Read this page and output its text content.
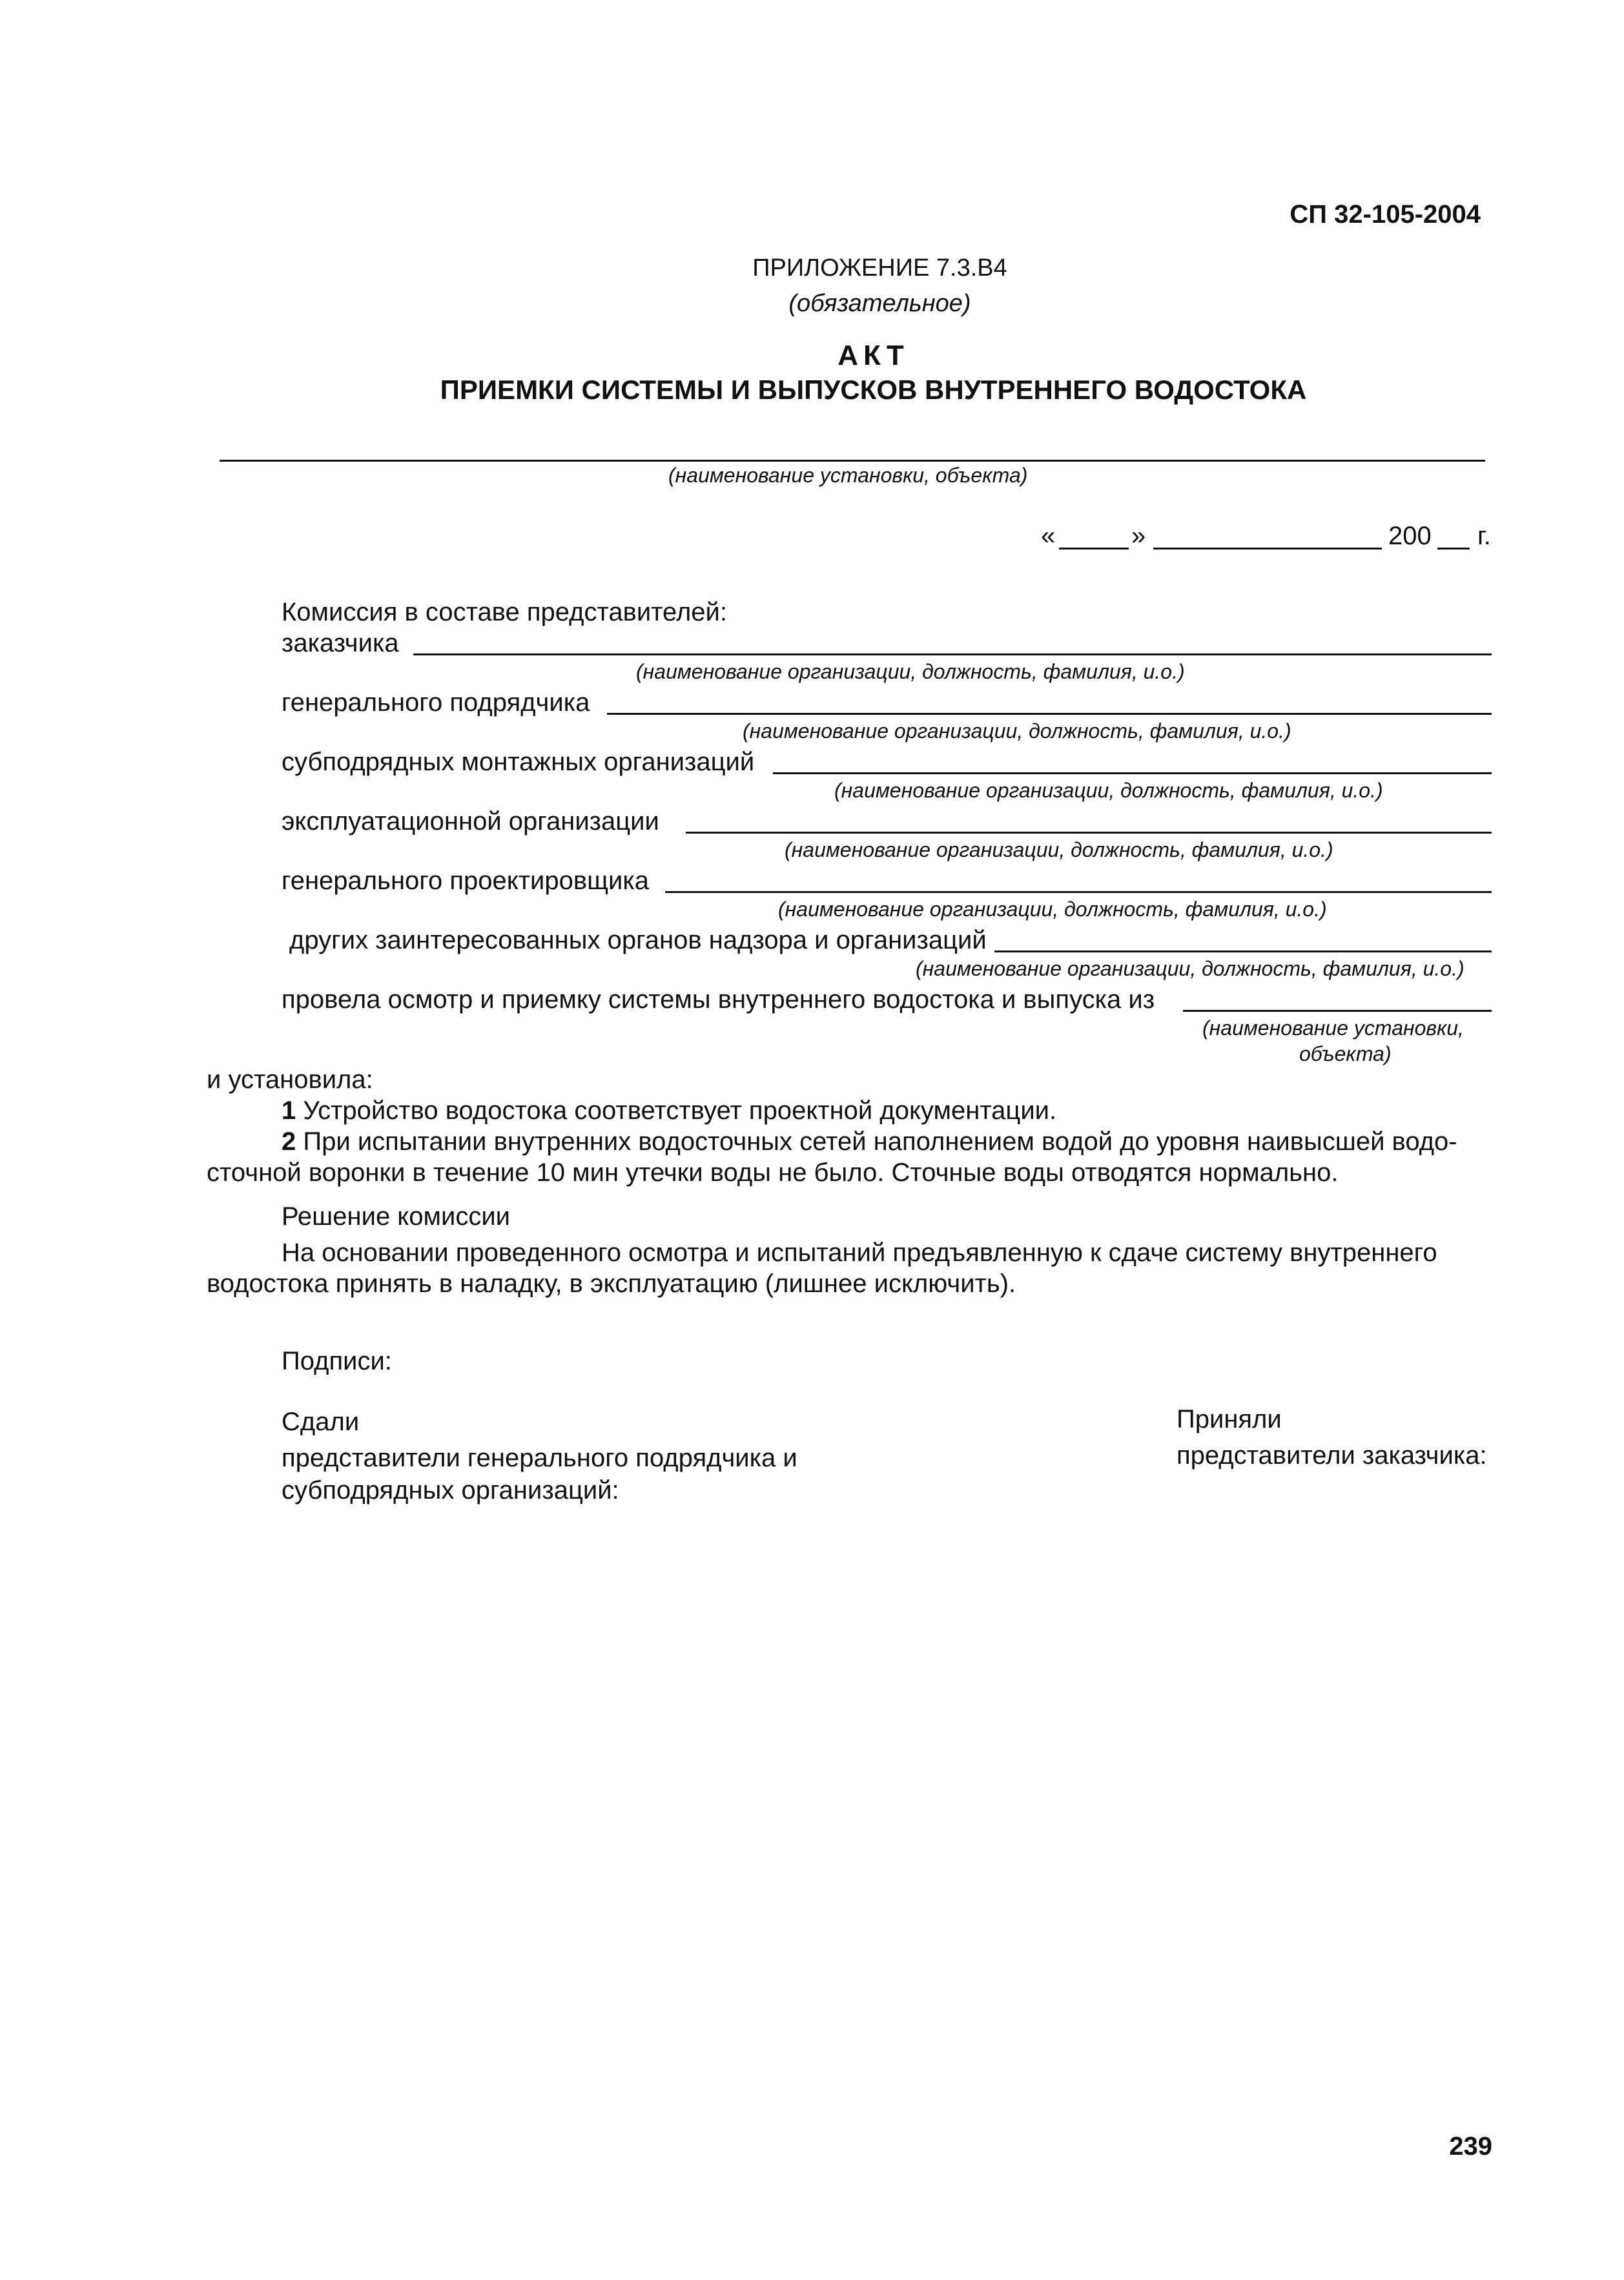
СП 32-105-2004
ПРИЛОЖЕНИЕ 7.3.В4
(обязательное)
АКТ
ПРИЕМКИ СИСТЕМЫ И ВЫПУСКОВ ВНУТРЕННЕГО ВОДОСТОКА
(наименование установки, объекта)
«	»	200 г.
Комиссия в составе представителей:
заказчика
(наименование организации, должность, фамилия, и.о.)
генерального подрядчика
(наименование организации, должность, фамилия, и.о.)
субподрядных монтажных организаций
(наименование организации, должность, фамилия, и.о.)
эксплуатационной организации
(наименование организации, должность, фамилия, и.о.)
генерального проектировщика
(наименование организации, должность, фамилия, и.о.)
других заинтересованных органов надзора и организаций
(наименование организации, должность, фамилия, и.о.)
провела осмотр и приемку системы внутреннего водостока и выпуска из
(наименование установки,
объекта)
и установила:
1 Устройство водостока соответствует проектной документации.
2 При испытании внутренних водосточных сетей наполнением водой до уровня наивысшей водо-
сточной воронки в течение 10 мин утечки воды не было. Сточные воды отводятся нормально.
Решение комиссии
На основании проведенного осмотра и испытаний предъявленную к сдаче систему внутреннего
водостока принять в наладку, в эксплуатацию (лишнее исключить).
Подписи:
Сдали
представители генерального подрядчика и
субподрядных организаций:
Приняли
представители заказчика:
239
